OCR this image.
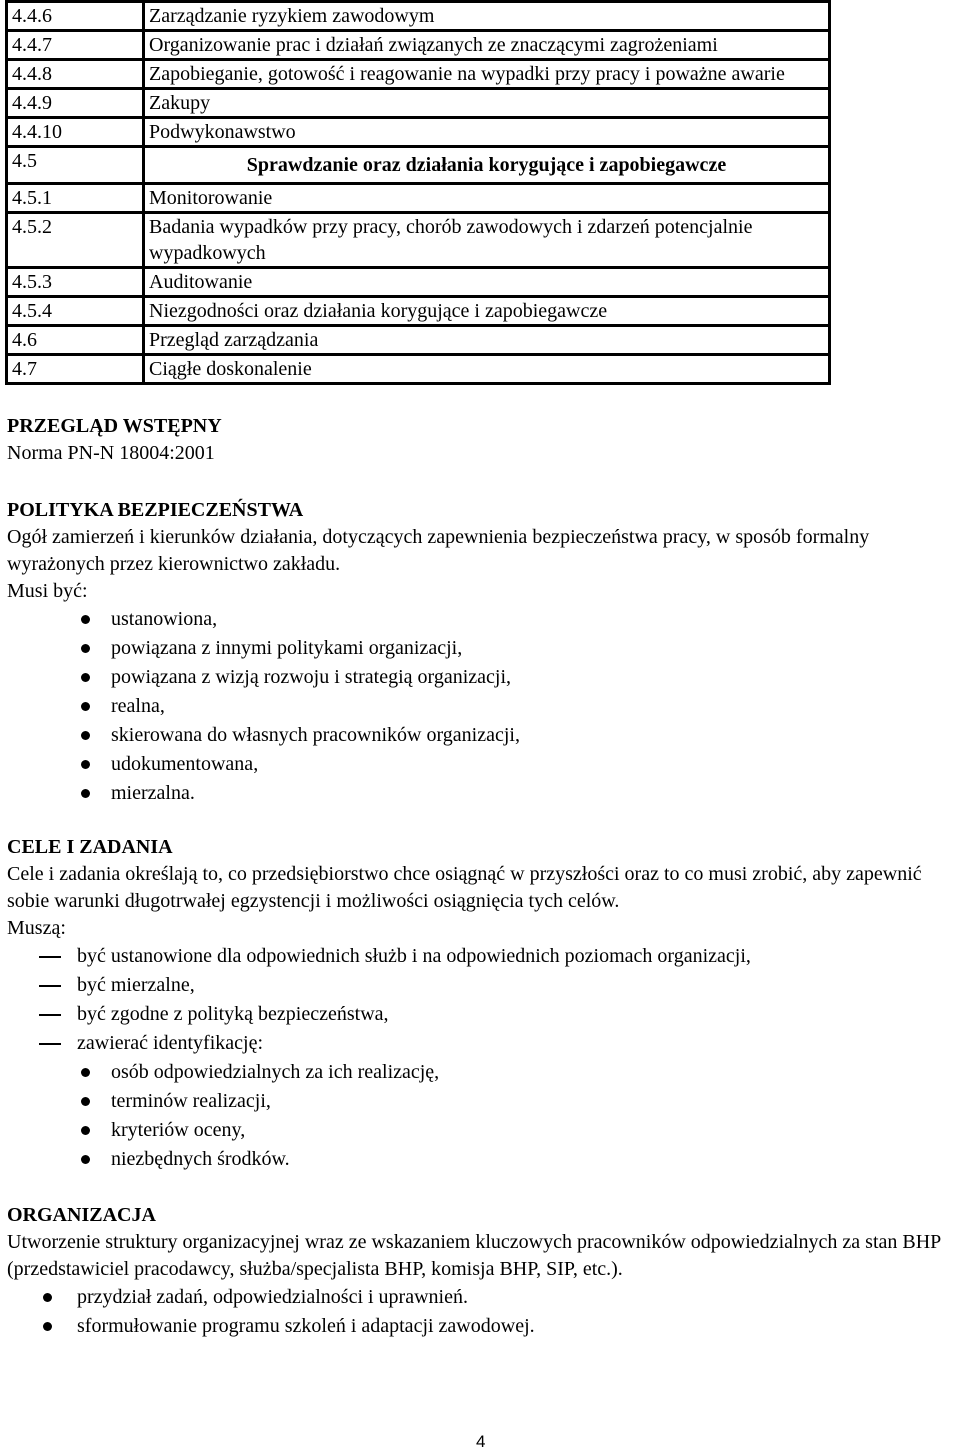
4.4.6	Zarządzanie ryzykiem zawodowym
4.4.7	Organizowanie prac i działań związanych ze znaczącymi zagrożeniami
4.4.8	Zapobieganie, gotowość i reagowanie na wypadki przy pracy i poważne awarie
4.4.9	Zakupy
4.4.10	Podwykonawstwo
4.5	Sprawdzanie oraz działania korygujące i zapobiegawcze
4.5.1	Monitorowanie
4.5.2	Badania wypadków przy pracy, chorób zawodowych i zdarzeń potencjalnie wypadkowych
4.5.3	Auditowanie
4.5.4	Niezgodności oraz działania korygujące i zapobiegawcze
4.6	Przegląd zarządzania
4.7	Ciągłe doskonalenie

PRZEGLĄD WSTĘPNY

Norma PN-N 18004:2001

POLITYKA BEZPIECZEŃSTWA

Ogół zamierzeń i kierunków działania, dotyczących zapewnienia bezpieczeństwa pracy, w sposób formalny wyrażonych przez kierownictwo zakładu.

Musi być:

ustanowiona,
powiązana z innymi politykami organizacji,
powiązana z wizją rozwoju i strategią organizacji,
realna,
skierowana do własnych pracowników organizacji,
udokumentowana,
mierzalna.

CELE I ZADANIA

Cele i zadania określają to, co przedsiębiorstwo chce osiągnąć w przyszłości oraz to co musi zrobić, aby zapewnić sobie warunki długotrwałej egzystencji i możliwości osiągnięcia tych celów.

Muszą:

być ustanowione dla odpowiednich służb i na odpowiednich poziomach organizacji,
być mierzalne,
być zgodne z polityką bezpieczeństwa,
zawierać identyfikację:
osób odpowiedzialnych za ich realizację,
terminów realizacji,
kryteriów oceny,
niezbędnych środków.

ORGANIZACJA

Utworzenie struktury organizacyjnej wraz ze wskazaniem kluczowych pracowników odpowiedzialnych za stan BHP (przedstawiciel pracodawcy, służba/specjalista BHP, komisja BHP, SIP, etc.).

przydział zadań, odpowiedzialności i uprawnień.
sformułowanie programu szkoleń i adaptacji zawodowej.
4
